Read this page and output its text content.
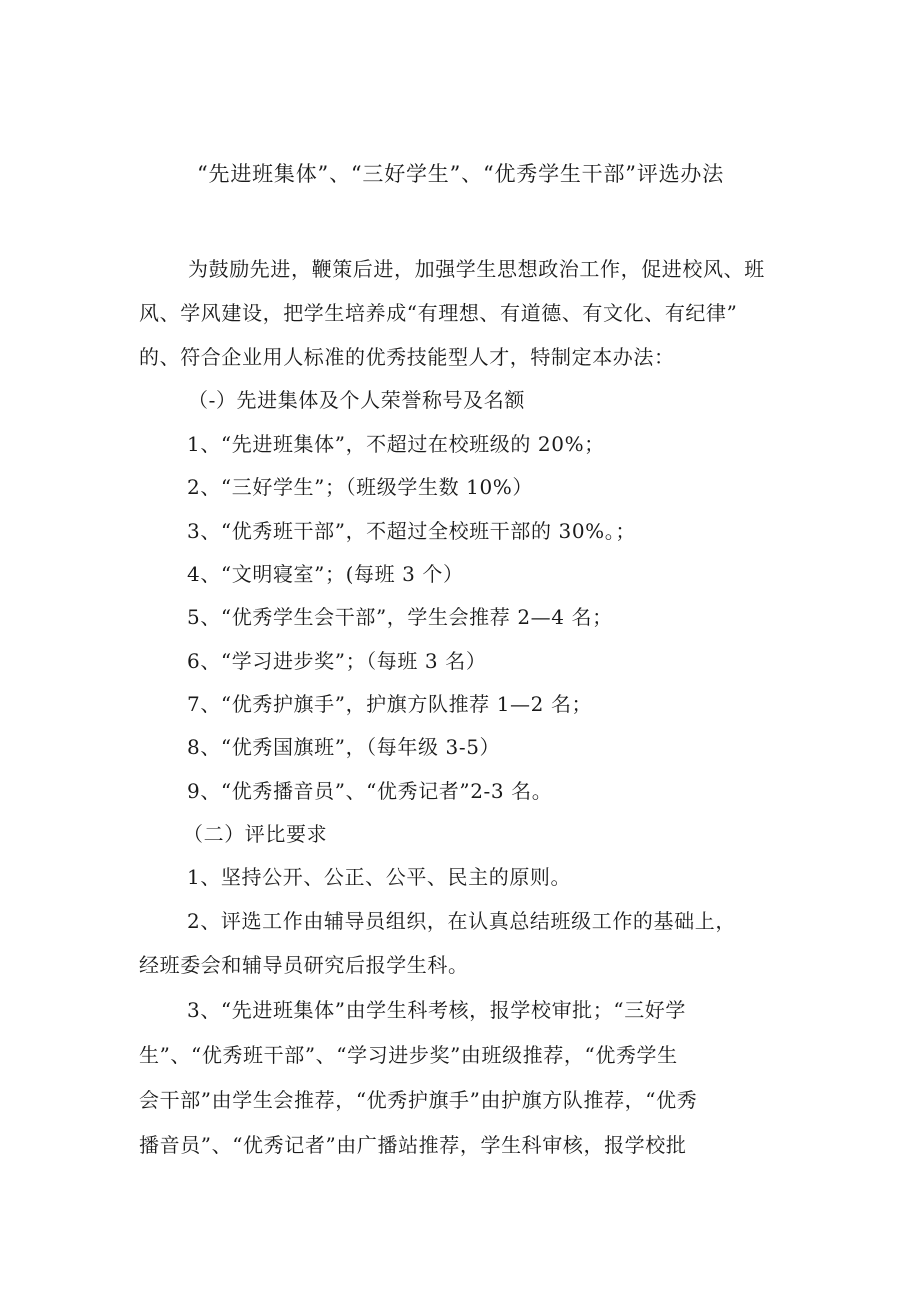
“先进班集体”、“三好学生”、“优秀学生干部”评选办法
为鼓励先进，鞭策后进，加强学生思想政治工作，促进校风、班
风、学风建设，把学生培养成“有理想、有道德、有文化、有纪律”
的、符合企业用人标准的优秀技能型人才，特制定本办法：
（-）先进集体及个人荣誉称号及名额
1、“先进班集体”，不超过在校班级的 20%；
2、“三好学生”；（班级学生数 10%）
3、“优秀班干部”，不超过全校班干部的 30%。；
4、“文明寝室”；(每班 3 个）
5、“优秀学生会干部”，学生会推荐 2—4 名；
6、“学习进步奖”；（每班 3 名）
7、“优秀护旗手”，护旗方队推荐 1—2 名；
8、“优秀国旗班”，（每年级 3-5）
9、“优秀播音员”、“优秀记者”2-3 名。
（二）评比要求
1、坚持公开、公正、公平、民主的原则。
2、评选工作由辅导员组织，在认真总结班级工作的基础上，
经班委会和辅导员研究后报学生科。
3、“先进班集体”由学生科考核，报学校审批；“三好学
生”、“优秀班干部”、“学习进步奖”由班级推荐，“优秀学生
会干部”由学生会推荐，“优秀护旗手”由护旗方队推荐，“优秀
播音员”、“优秀记者”由广播站推荐，学生科审核，报学校批
